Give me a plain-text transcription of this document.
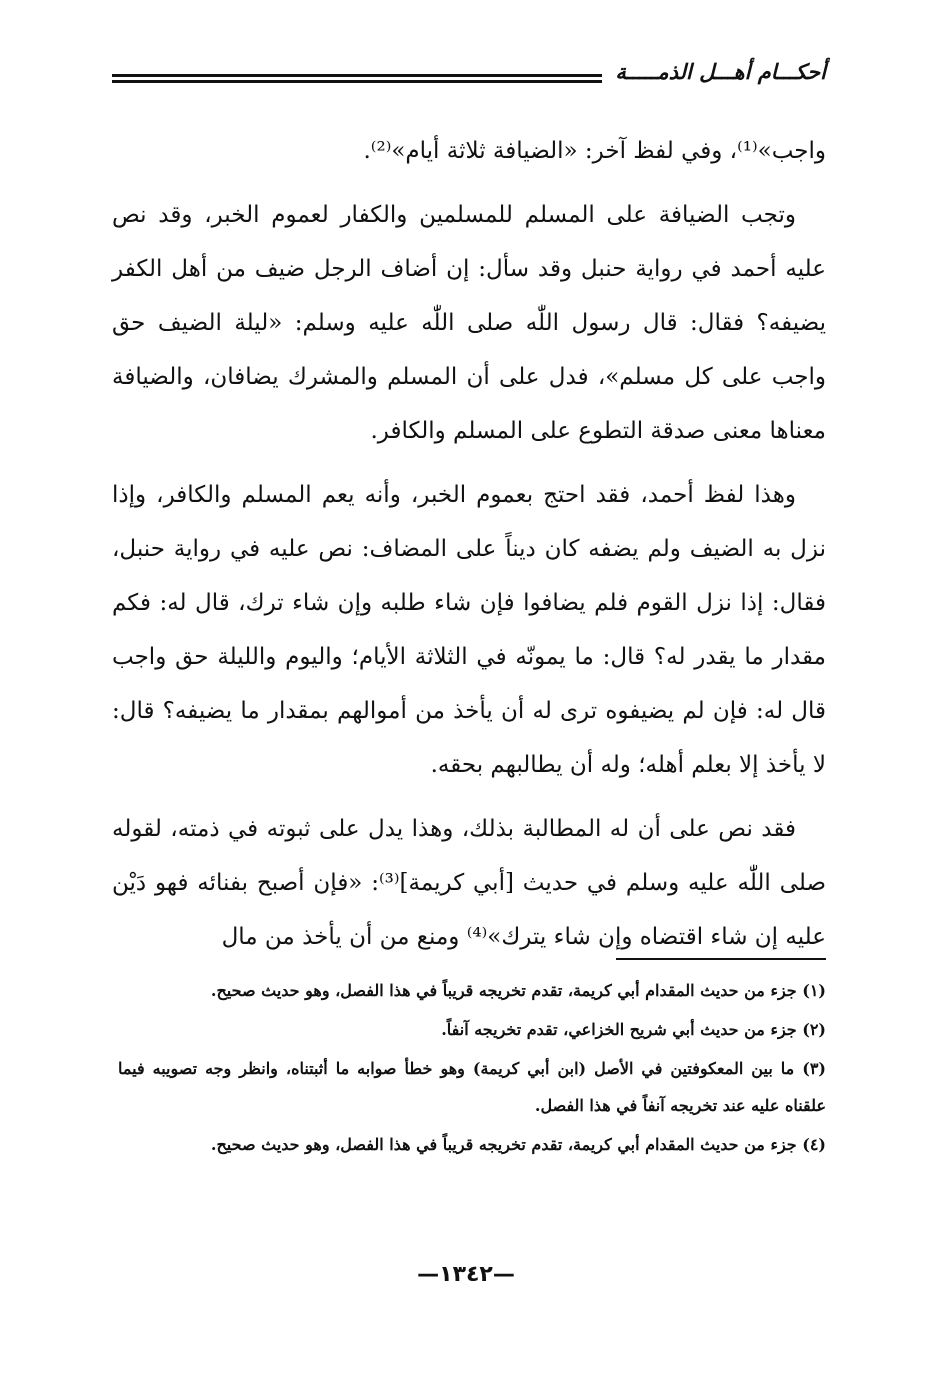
أحكـــام أهـــل الذمـــــة

واجب»⁽¹⁾، وفي لفظ آخر: «الضيافة ثلاثة أيام»⁽²⁾.

وتجب الضيافة على المسلم للمسلمين والكفار لعموم الخبر، وقد نص عليه أحمد في رواية حنبل وقد سأل: إن أضاف الرجل ضيف من أهل الكفر يضيفه؟ فقال: قال رسول اللّٰه صلى اللّٰه عليه وسلم: «ليلة الضيف حق واجب على كل مسلم»، فدل على أن المسلم والمشرك يضافان، والضيافة معناها معنى صدقة التطوع على المسلم والكافر.

وهذا لفظ أحمد، فقد احتج بعموم الخبر، وأنه يعم المسلم والكافر، وإذا نزل به الضيف ولم يضفه كان ديناً على المضاف: نص عليه في رواية حنبل، فقال: إذا نزل القوم فلم يضافوا فإن شاء طلبه وإن شاء ترك، قال له: فكم مقدار ما يقدر له؟ قال: ما يمونّه في الثلاثة الأيام؛ واليوم والليلة حق واجب قال له: فإن لم يضيفوه ترى له أن يأخذ من أموالهم بمقدار ما يضيفه؟ قال: لا يأخذ إلا بعلم أهله؛ وله أن يطالبهم بحقه.

فقد نص على أن له المطالبة بذلك، وهذا يدل على ثبوته في ذمته، لقوله صلى اللّٰه عليه وسلم في حديث [أبي كريمة]⁽³⁾: «فإن أصبح بفنائه فهو دَيْن عليه إن شاء اقتضاه وإن شاء يترك»⁽⁴⁾ ومنع من أن يأخذ من مال

(١) جزء من حديث المقدام أبي كريمة، تقدم تخريجه قريباً في هذا الفصل، وهو حديث صحيح.

(٢) جزء من حديث أبي شريح الخزاعي، تقدم تخريجه آنفاً.

(٣) ما بين المعكوفتين في الأصل (ابن أبي كريمة) وهو خطأ صوابه ما أثبتناه، وانظر وجه تصويبه فيما علقناه عليه عند تخريجه آنفاً في هذا الفصل.

(٤) جزء من حديث المقدام أبي كريمة، تقدم تخريجه قريباً في هذا الفصل، وهو حديث صحيح.

—١٣٤٢—
